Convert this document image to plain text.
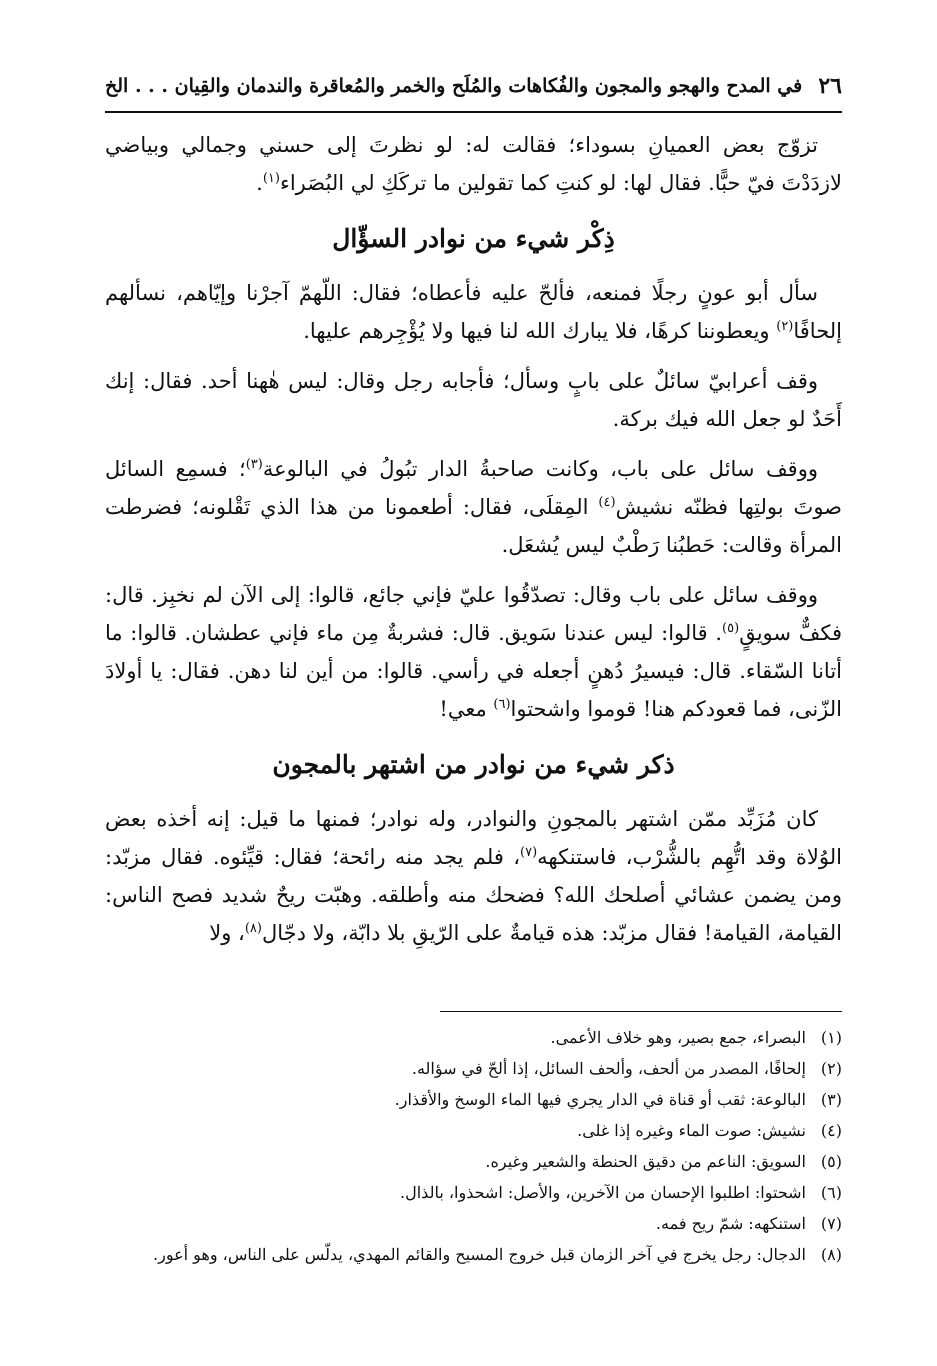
٢٦
في المدح والهجو والمجون والفُكاهات والمُلَح والخمر والمُعاقرة والندمان والقِيان . . . الخ

تزوّج بعض العميانِ بسوداء؛ فقالت له: لو نظرتَ إلى حسني وجمالي وبياضي لازدَدْتَ فيّ حبًّا. فقال لها: لو كنتِ كما تقولين ما تركَكِ لي البُصَراء$^{(١)}$.

ذِكْر شيء من نوادر السؤّال

سأل أبو عونٍ رجلًا فمنعه، فألحّ عليه فأعطاه؛ فقال: اللّهمّ آجرْنا وإيّاهم، نسألهم إلحافًا$^{(٢)}$ ويعطوننا كرهًا، فلا يبارك الله لنا فيها ولا يُؤْجِرهم عليها.

وقف أعرابيّ سائلٌ على بابٍ وسأل؛ فأجابه رجل وقال: ليس هٰهنا أحد. فقال: إنك أَحَدٌ لو جعل الله فيك بركة.

ووقف سائل على باب، وكانت صاحبةُ الدار تبُولُ في البالوعة$^{(٣)}$؛ فسمِع السائل صوتَ بولتِها فظنّه نشيش$^{(٤)}$ المِقلَى، فقال: أطعمونا من هذا الذي تَقْلونه؛ فضرطت المرأة وقالت: حَطبُنا رَطْبٌ ليس يُشعَل.

ووقف سائل على باب وقال: تصدّقُوا عليّ فإني جائع، قالوا: إلى الآن لم نخبِز. قال: فكفٌّ سويقٍ$^{(٥)}$. قالوا: ليس عندنا سَويق. قال: فشربةٌ مِن ماء فإني عطشان. قالوا: ما أتانا السّقاء. قال: فيسيرُ دُهنٍ أجعله في رأسي. قالوا: من أين لنا دهن. فقال: يا أولادَ الزّنى، فما قعودكم هنا! قوموا واشحتوا$^{(٦)}$ معي!

ذكر شيء من نوادر من اشتهر بالمجون

كان مُزَبِّد ممّن اشتهر بالمجونِ والنوادر، وله نوادر؛ فمنها ما قيل: إنه أخذه بعض الوُلاة وقد اتُّهِم بالشُّرْب، فاستنكهه$^{(٧)}$، فلم يجد منه رائحة؛ فقال: قيِّئوه. فقال مزبّد: ومن يضمن عشائي أصلحك الله؟ فضحك منه وأطلقه. وهبّت ريحٌ شديد فصح الناس: القيامة، القيامة! فقال مزبّد: هذه قيامةٌ على الرّيقِ بلا دابّة، ولا دجّال$^{(٨)}$، ولا

(١)
البصراء، جمع بصير، وهو خلاف الأعمى.
(٢)
إلحافًا، المصدر من ألحف، وألحف السائل، إذا ألحّ في سؤاله.
(٣)
البالوعة: ثقب أو قناة في الدار يجري فيها الماء الوسخ والأقذار.
(٤)
نشيش: صوت الماء وغيره إذا غلى.
(٥)
السويق: الناعم من دقيق الحنطة والشعير وغيره.
(٦)
اشحتوا: اطلبوا الإحسان من الآخرين، والأصل: اشحذوا، بالذال.
(٧)
استنكهه: شمّ ريح فمه.
(٨)
الدجال: رجل يخرج في آخر الزمان قبل خروج المسيح والقائم المهدي، يدلّس على الناس، وهو أعور.
